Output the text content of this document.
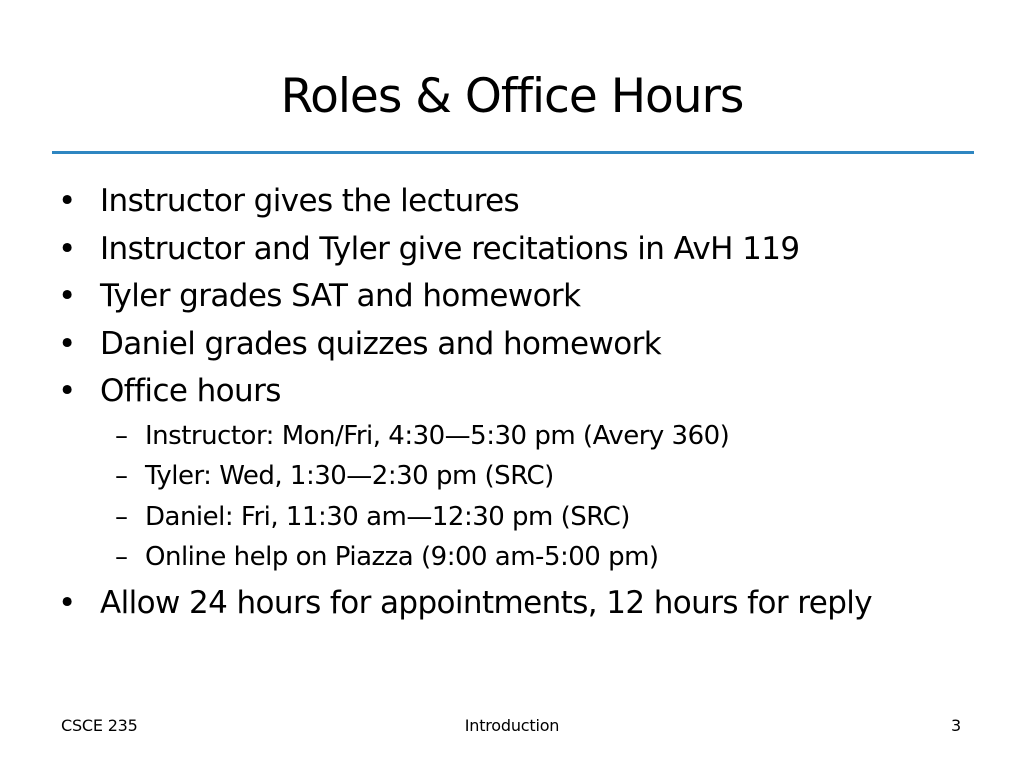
Roles & Office Hours
• Instructor gives the lectures
• Instructor and Tyler give recitations in AvH 119
• Tyler grades SAT and homework
• Daniel grades quizzes and homework
• Office hours
– Instructor: Mon/Fri, 4:30—5:30 pm (Avery 360)
– Tyler: Wed, 1:30—2:30 pm (SRC)
– Daniel: Fri, 11:30 am—12:30 pm (SRC)
– Online help on Piazza (9:00 am-5:00 pm)
• Allow 24 hours for appointments, 12 hours for reply
CSCE 235	Introduction	3
